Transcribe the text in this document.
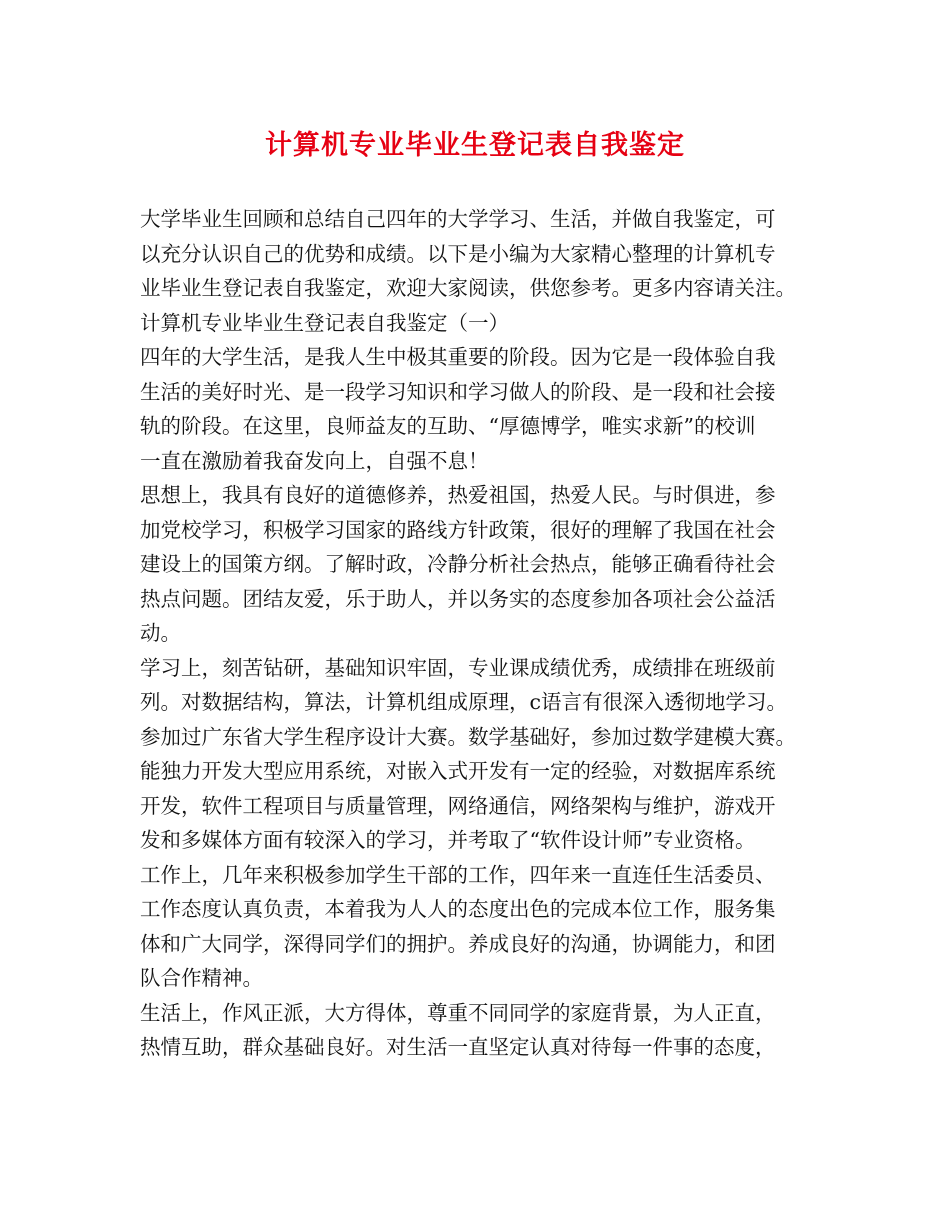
计算机专业毕业生登记表自我鉴定
大学毕业生回顾和总结自己四年的大学学习、生活，并做自我鉴定，可
以充分认识自己的优势和成绩。以下是小编为大家精心整理的计算机专
业毕业生登记表自我鉴定，欢迎大家阅读，供您参考。更多内容请关注。
计算机专业毕业生登记表自我鉴定（一）
四年的大学生活，是我人生中极其重要的阶段。因为它是一段体验自我
生活的美好时光、是一段学习知识和学习做人的阶段、是一段和社会接
轨的阶段。在这里，良师益友的互助、“厚德博学，唯实求新”的校训
一直在激励着我奋发向上，自强不息！
思想上，我具有良好的道德修养，热爱祖国，热爱人民。与时俱进，参
加党校学习，积极学习国家的路线方针政策，很好的理解了我国在社会
建设上的国策方纲。了解时政，冷静分析社会热点，能够正确看待社会
热点问题。团结友爱，乐于助人，并以务实的态度参加各项社会公益活
动。
学习上，刻苦钻研，基础知识牢固，专业课成绩优秀，成绩排在班级前
列。对数据结构，算法，计算机组成原理，c语言有很深入透彻地学习。
参加过广东省大学生程序设计大赛。数学基础好，参加过数学建模大赛。
能独力开发大型应用系统，对嵌入式开发有一定的经验，对数据库系统
开发，软件工程项目与质量管理，网络通信，网络架构与维护，游戏开
发和多媒体方面有较深入的学习，并考取了“软件设计师”专业资格。
工作上，几年来积极参加学生干部的工作，四年来一直连任生活委员、
工作态度认真负责，本着我为人人的态度出色的完成本位工作，服务集
体和广大同学，深得同学们的拥护。养成良好的沟通，协调能力，和团
队合作精神。
生活上，作风正派，大方得体，尊重不同同学的家庭背景，为人正直，
热情互助，群众基础良好。对生活一直坚定认真对待每一件事的态度，
